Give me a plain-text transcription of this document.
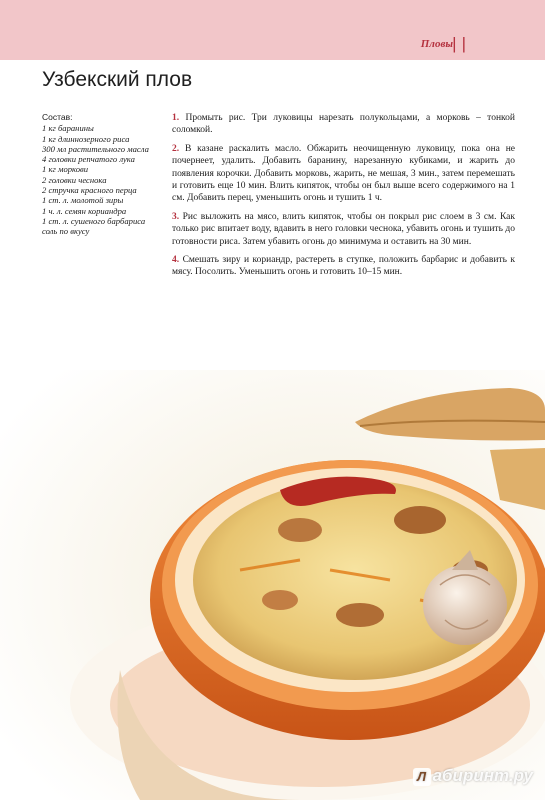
Пловы ||
Узбекский плов
Состав:
1 кг баранины
1 кг длиннозерного риса
300 мл растительного масла
4 головки репчатого лука
1 кг моркови
2 головки чеснока
2 стручка красного перца
1 ст. л. молотой зиры
1 ч. л. семян кориандра
1 ст. л. сушеного барбариса
соль по вкусу

1. Промыть рис. Три луковицы нарезать полукольцами, а морковь – тонкой соломкой.

2. В казане раскалить масло. Обжарить неочищенную луковицу, пока она не почернеет, удалить. Добавить баранину, нарезанную кубиками, и жарить до появления корочки. Добавить морковь, жарить, не мешая, 3 мин., затем перемешать и готовить еще 10 мин. Влить кипяток, чтобы он был выше всего содержимого на 1 см. Добавить перец, уменьшить огонь и тушить 1 ч.

3. Рис выложить на мясо, влить кипяток, чтобы он покрыл рис слоем в 3 см. Как только рис впитает воду, вдавить в него головки чеснока, убавить огонь и тушить до готовности риса. Затем убавить огонь до минимума и оставить на 30 мин.

4. Смешать зиру и кориандр, растереть в ступке, положить барбарис и добавить к мясу. Посолить. Уменьшить огонь и готовить 10–15 мин.

Л абиринт.ру
